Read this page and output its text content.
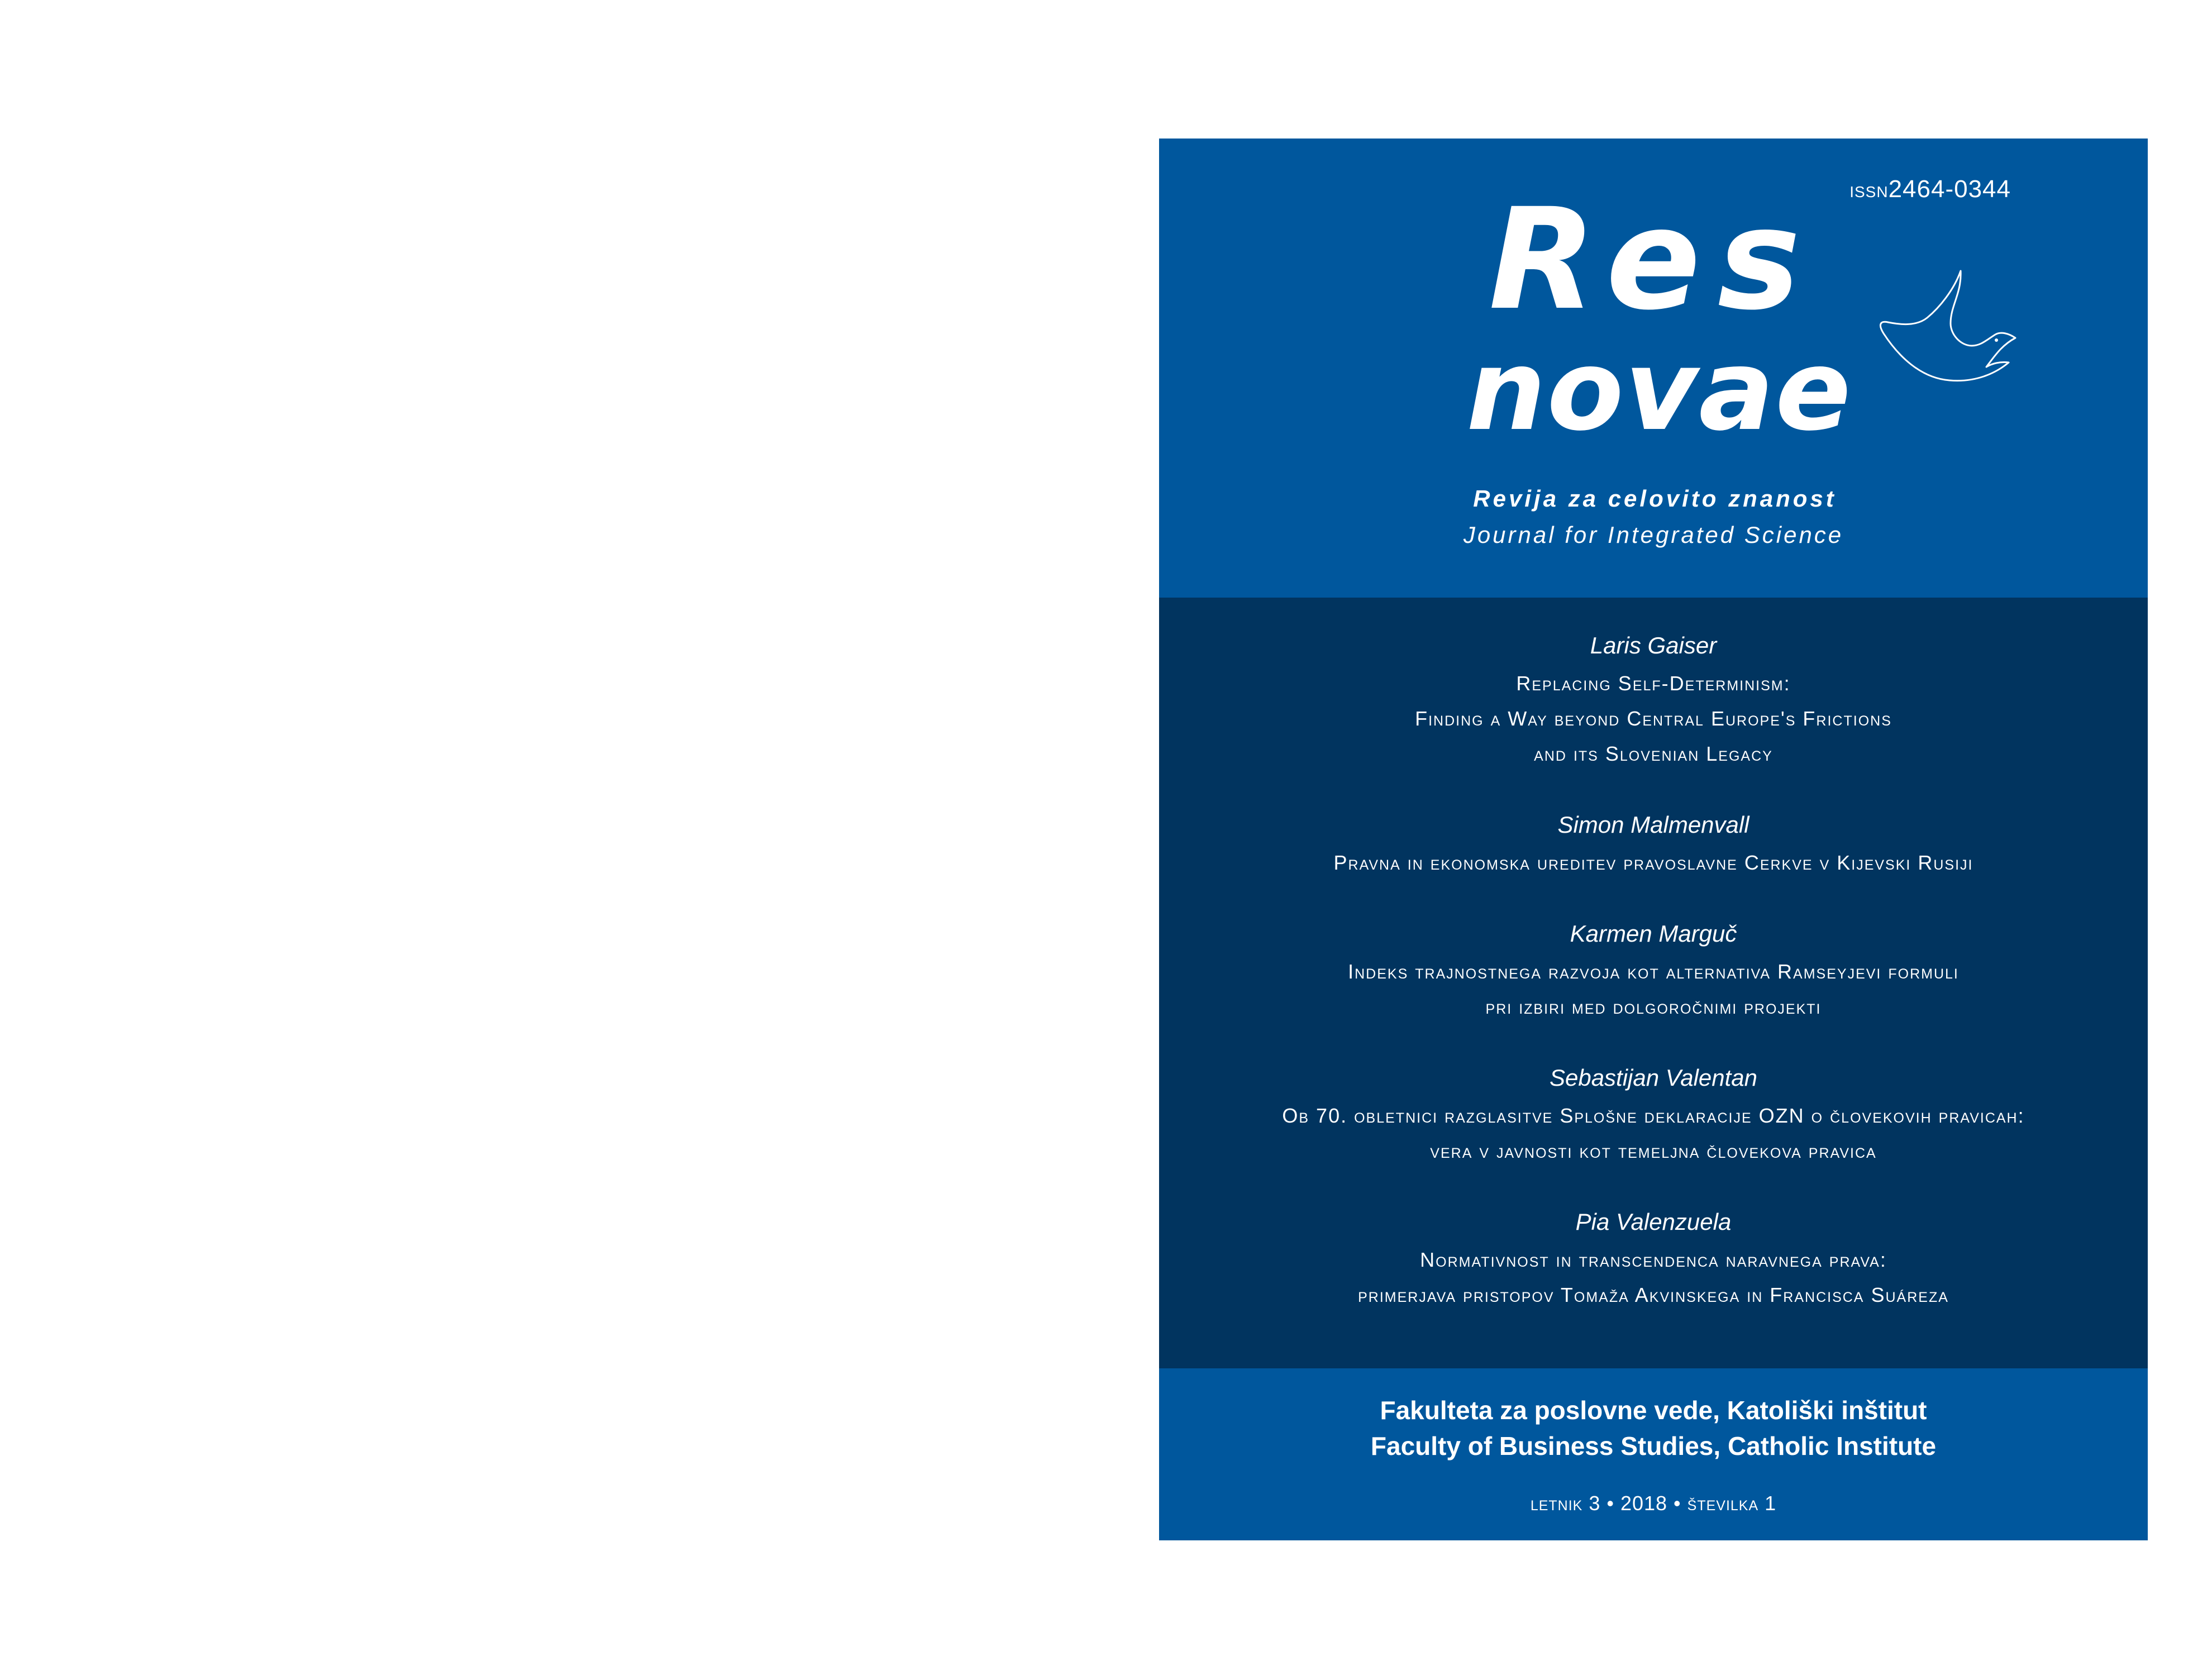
ISSN2464-0344
Res
novae
Revija za celovito znanost
Journal for Integrated Science
Laris Gaiser
Replacing Self-Determinism:
Finding a Way beyond Central Europe's Frictions
and its Slovenian Legacy
Simon Malmenvall
Pravna in ekonomska ureditev pravoslavne Cerkve v Kijevski Rusiji
Karmen Marguč
Indeks trajnostnega razvoja kot alternativa Ramseyjevi formuli
pri izbiri med dolgoročnimi projekti
Sebastijan Valentan
Ob 70. obletnici razglasitve Splošne deklaracije OZN o človekovih pravicah:
vera v javnosti kot temeljna človekova pravica
Pia Valenzuela
Normativnost in transcendenca naravnega prava:
primerjava pristopov Tomaža Akvinskega in Francisca Suáreza
Fakulteta za poslovne vede, Katoliški inštitut
Faculty of Business Studies, Catholic Institute
letnik 3 • 2018 • številka 1
